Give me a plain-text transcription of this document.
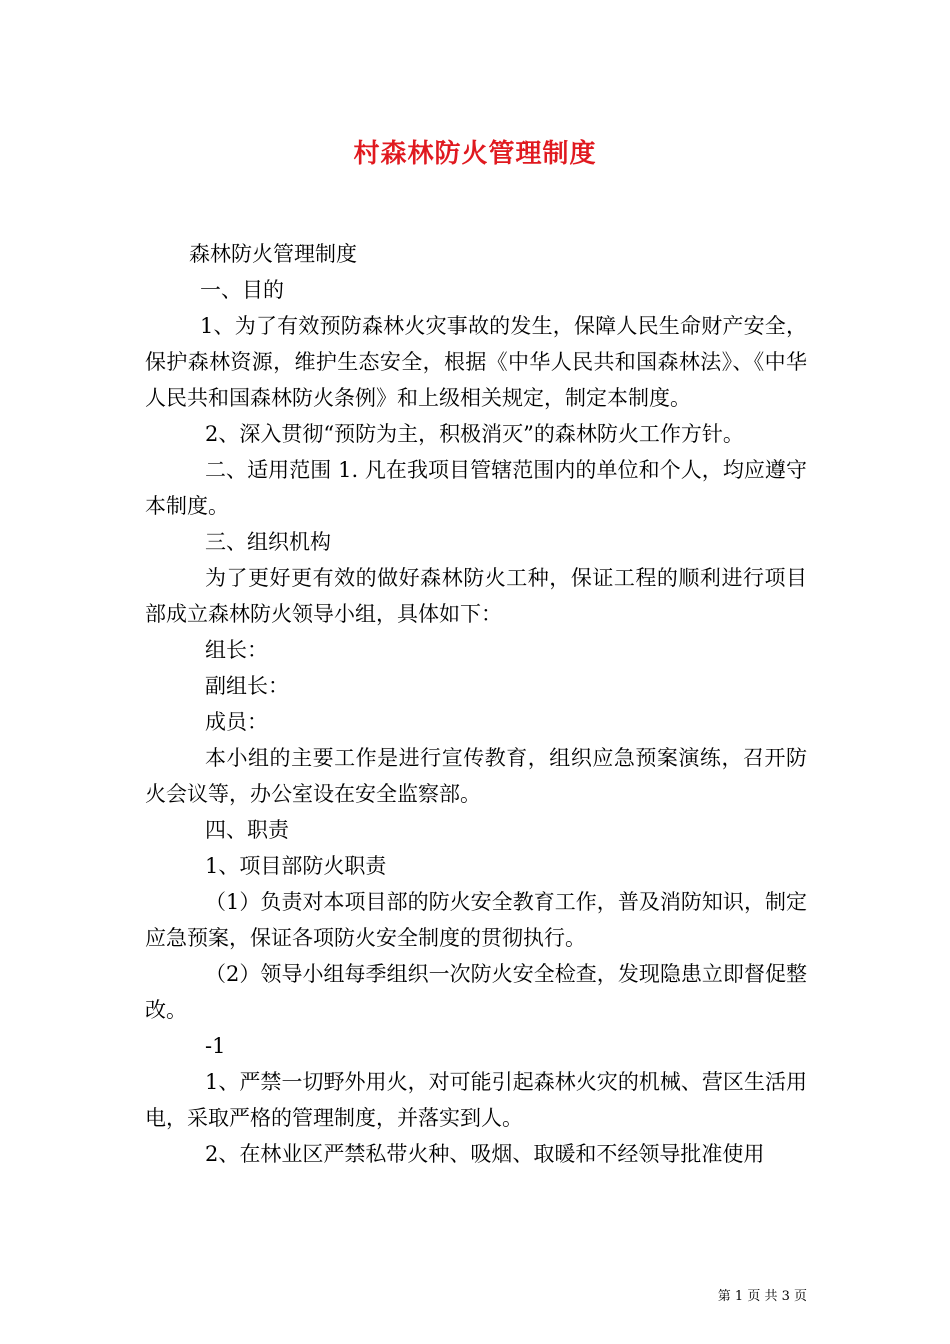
村森林防火管理制度

森林防火管理制度

一、目的

1、为了有效预防森林火灾事故的发生，保障人民生命财产安全，保护森林资源，维护生态安全，根据《中华人民共和国森林法》、《中华人民共和国森林防火条例》和上级相关规定，制定本制度。

2、深入贯彻“预防为主，积极消灭”的森林防火工作方针。

二、适用范围 1. 凡在我项目管辖范围内的单位和个人，均应遵守本制度。

三、组织机构

为了更好更有效的做好森林防火工种，保证工程的顺利进行项目部成立森林防火领导小组，具体如下：

组长：

副组长：

成员：

本小组的主要工作是进行宣传教育，组织应急预案演练，召开防火会议等，办公室设在安全监察部。

四、职责

1、项目部防火职责

（1）负责对本项目部的防火安全教育工作，普及消防知识，制定应急预案，保证各项防火安全制度的贯彻执行。

（2）领导小组每季组织一次防火安全检查，发现隐患立即督促整改。

-1

1、严禁一切野外用火，对可能引起森林火灾的机械、营区生活用电，采取严格的管理制度，并落实到人。

2、在林业区严禁私带火种、吸烟、取暖和不经领导批准使用

第 1 页 共 3 页
